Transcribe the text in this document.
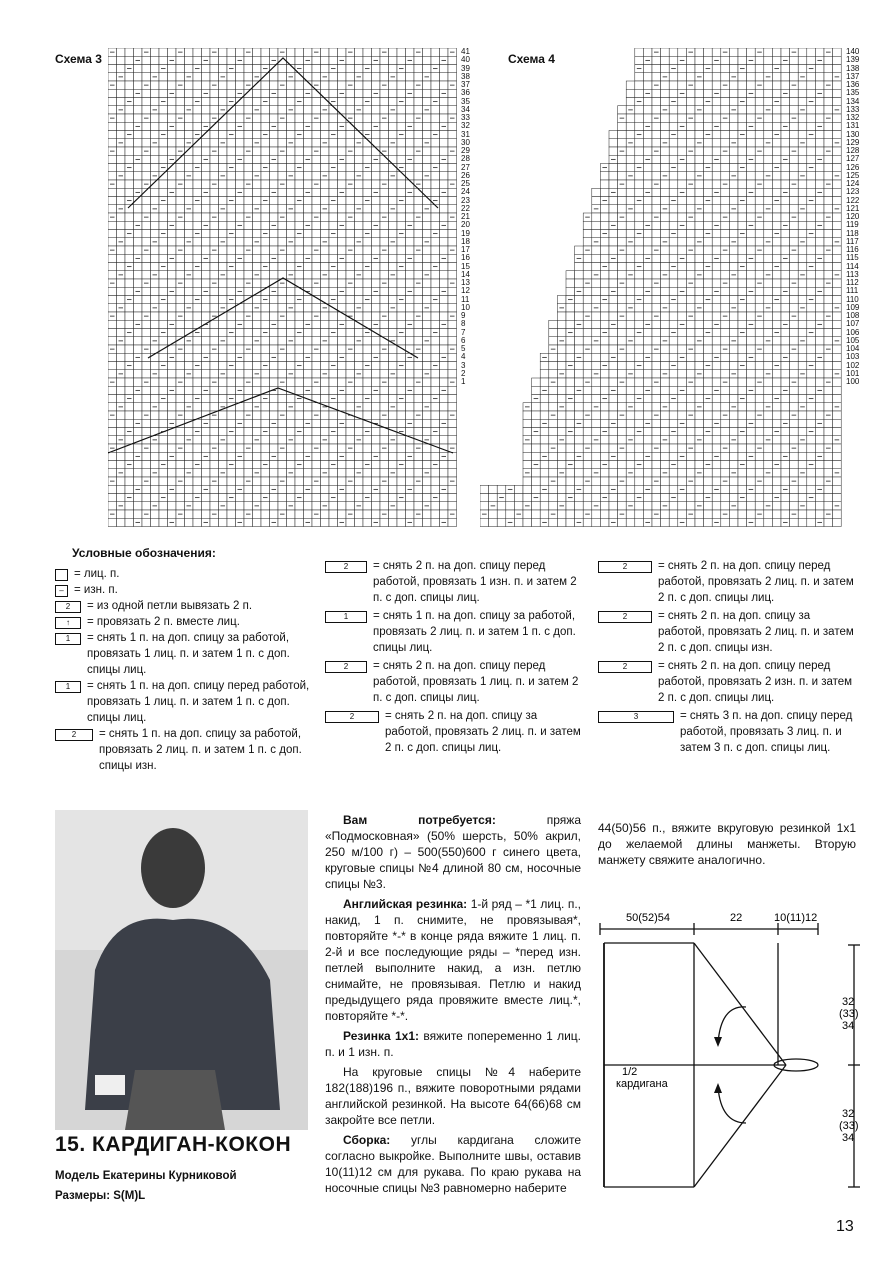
Схема 3	Схема 4
41
40
39
38
37
36
35
34
33
32
31
30
29
28
27
26
25
24
23
22
21
20
19
18
17
16
15
14
13
12
11
10
9
8
7
6
5
4
3
2
1
140
139
138
137
136
135
134
133
132
131
130
129
128
127
126
125
124
123
122
121
120
119
118
117
116
115
114
113
112
111
110
109
108
107
106
105
104
103
102
101
100
Условные обозначения:
= лиц. п.
– = изн. п.
2	= из одной петли вывязать 2 п.
↑	= провязать 2 п. вместе лиц.
1	= снять 1 п. на доп. спицу за работой, провязать 1 лиц. п. и затем 1 п. с доп. спицы лиц.
1	= снять 1 п. на доп. спицу перед работой, провязать 1 лиц. п. и затем 1 п. с доп. спицы лиц.
2	= снять 1 п. на доп. спицу за работой, провязать 2 лиц. п. и затем 1 п. с доп. спицы изн.
2	= снять 2 п. на доп. спицу перед работой, провязать 1 изн. п. и затем 2 п. с доп. спицы лиц.
1	= снять 1 п. на доп. спицу за работой, провязать 2 лиц. п. и затем 1 п. с доп. спицы лиц.
2	= снять 2 п. на доп. спицу перед работой, провязать 1 лиц. п. и затем 2 п. с доп. спицы лиц.
2	= снять 2 п. на доп. спицу за работой, провязать 2 лиц. п. и затем 2 п. с доп. спицы лиц.
2	= снять 2 п. на доп. спицу перед работой, провязать 2 лиц. п. и затем 2 п. с доп. спицы лиц.
2	= снять 2 п. на доп. спицу за работой, провязать 2 лиц. п. и затем 2 п. с доп. спицы изн.
2	= снять 2 п. на доп. спицу перед работой, провязать 2 изн. п. и затем 2 п. с доп. спицы лиц.
3	= снять 3 п. на доп. спицу перед работой, провязать 3 лиц. п. и затем 3 п. с доп. спицы лиц.
15. КАРДИГАН-КОКОН
Модель Екатерины Курниковой
Размеры: S(M)L

Вам потребуется: пряжа «Подмосковная» (50% шерсть, 50% акрил, 250 м/100 г) – 500(550)600 г синего цвета, круговые спицы №4 длиной 80 см, носочные спицы №3.

Английская резинка: 1-й ряд – *1 лиц. п., накид, 1 п. снимите, не провязывая*, повторяйте *-* в конце ряда вяжите 1 лиц. п. 2-й и все последующие ряды – *перед изн. петлей выполните накид, а изн. петлю снимайте, не провязывая. Петлю и накид предыдущего ряда провяжите вместе лиц.*, повторяйте *-*.

Резинка 1х1: вяжите попеременно 1 лиц. п. и 1 изн. п.

На круговые спицы №4 наберите 182(188)196 п., вяжите поворотными рядами английской резинкой. На высоте 64(66)68 см закройте все петли.

Сборка: углы кардигана сложите согласно выкройке. Выполните швы, оставив 10(11)12 см для рукава. По краю рукава на носочные спицы №3 равномерно наберите

44(50)56 п., вяжите вкруговую резинкой 1х1 до желаемой длины манжеты. Вторую манжету свяжите аналогично.
50(52)54	22	10(11)12
32
(33)
34
32
(33)
34
1/2
кардигана
13
